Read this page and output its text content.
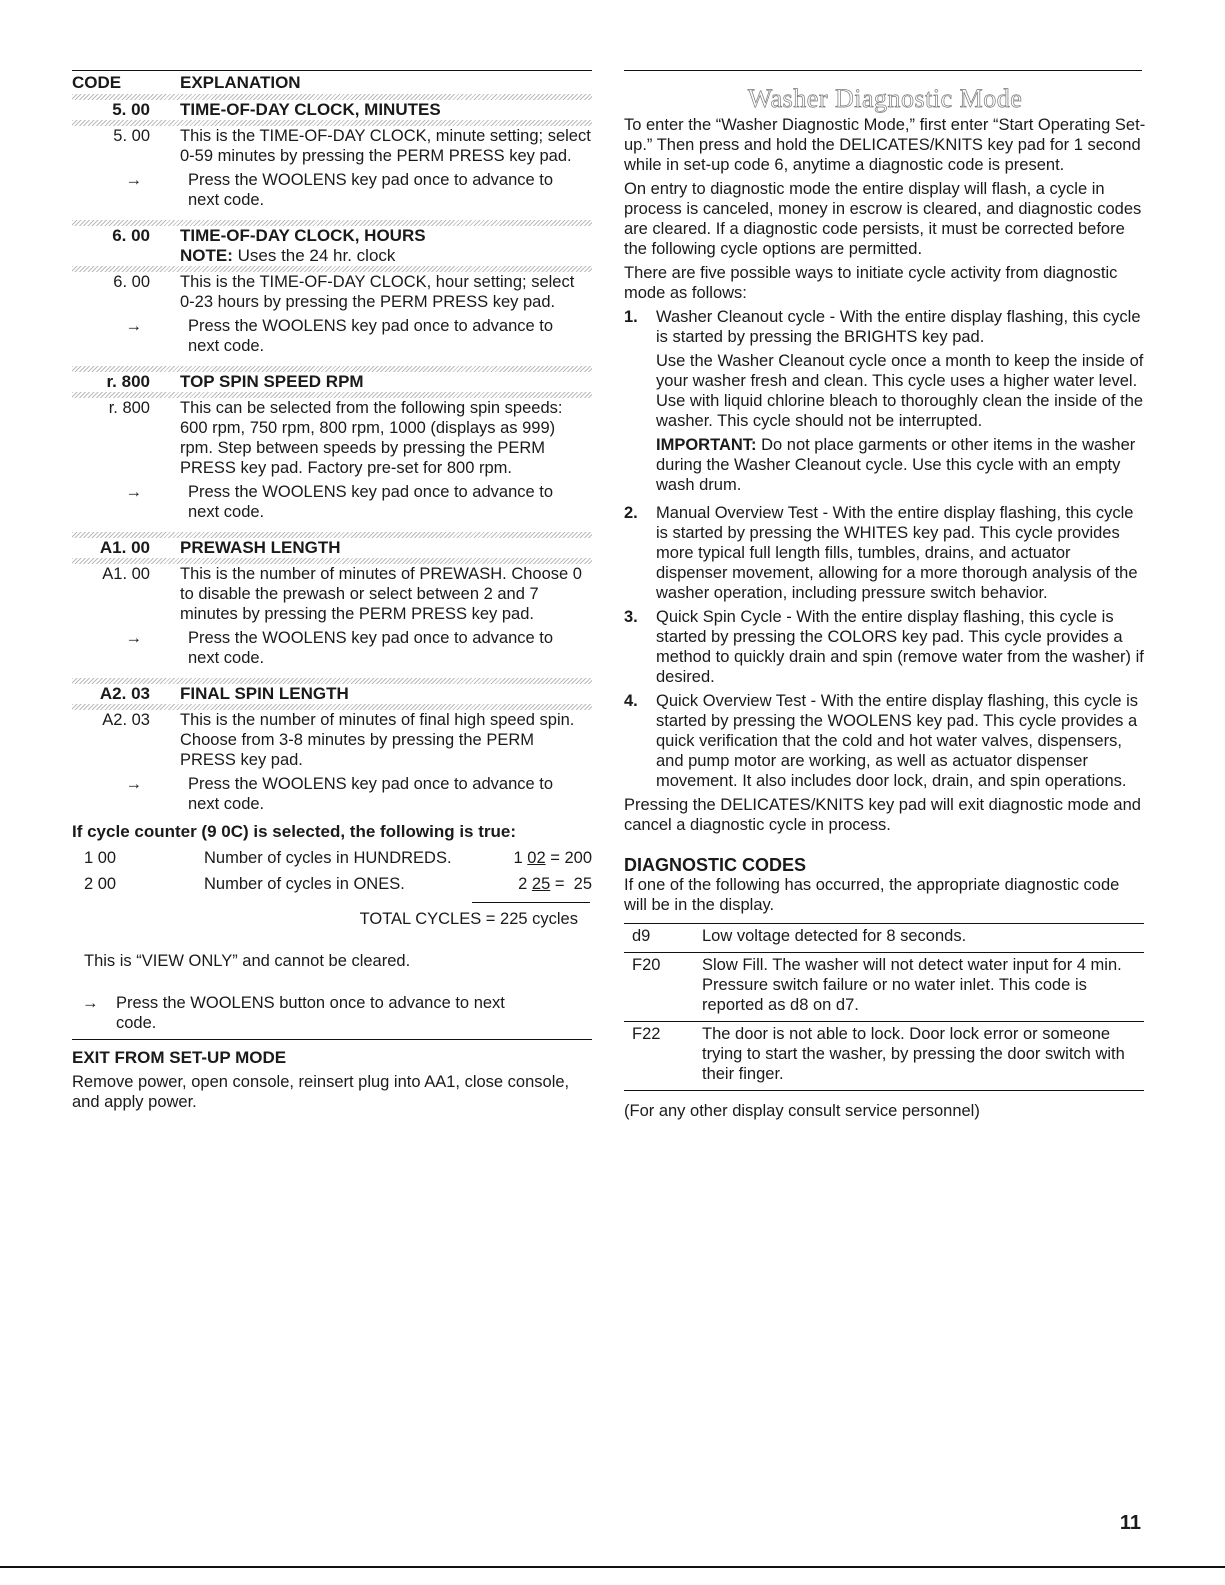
CODE	EXPLANATION
5. 00	TIME-OF-DAY CLOCK, MINUTES
5. 00	This is the TIME-OF-DAY CLOCK, minute setting; select 0-59 minutes by pressing the PERM PRESS key pad.
→	Press the WOOLENS key pad once to advance to next code.
6. 00	TIME-OF-DAY CLOCK, HOURS
NOTE: Uses the 24 hr. clock
6. 00	This is the TIME-OF-DAY CLOCK, hour setting; select 0-23 hours by pressing the PERM PRESS key pad.
→	Press the WOOLENS key pad once to advance to next code.
r. 800	TOP SPIN SPEED RPM
r. 800	This can be selected from the following spin speeds: 600 rpm, 750 rpm, 800 rpm, 1000 (displays as 999) rpm. Step between speeds by pressing the PERM PRESS key pad. Factory pre-set for 800 rpm.
→	Press the WOOLENS key pad once to advance to next code.
A1. 00	PREWASH LENGTH
A1. 00	This is the number of minutes of PREWASH. Choose 0 to disable the prewash or select between 2 and 7 minutes by pressing the PERM PRESS key pad.
→	Press the WOOLENS key pad once to advance to next code.
A2. 03	FINAL SPIN LENGTH
A2. 03	This is the number of minutes of final high speed spin. Choose from 3-8 minutes by pressing the PERM PRESS key pad.
→	Press the WOOLENS key pad once to advance to next code.
If cycle counter (9 0C) is selected, the following is true:
1 00	Number of cycles in HUNDREDS.	1 02 = 200
2 00	Number of cycles in ONES.	2 25 =  25
TOTAL CYCLES = 225 cycles
This is “VIEW ONLY” and cannot be cleared.
→	Press the WOOLENS button once to advance to next code.
EXIT FROM SET-UP MODE
Remove power, open console, reinsert plug into AA1, close console, and apply power.
Washer Diagnostic Mode

To enter the “Washer Diagnostic Mode,” first enter “Start Operating Set-up.” Then press and hold the DELICATES/KNITS key pad for 1 second while in set-up code 6, anytime a diagnostic code is present.

On entry to diagnostic mode the entire display will flash, a cycle in process is canceled, money in escrow is cleared, and diagnostic codes are cleared. If a diagnostic code persists, it must be corrected before the following cycle options are permitted.

There are five possible ways to initiate cycle activity from diagnostic mode as follows:

1.	Washer Cleanout cycle - With the entire display flashing, this cycle is started by pressing the BRIGHTS key pad.

Use the Washer Cleanout cycle once a month to keep the inside of your washer fresh and clean. This cycle uses a higher water level. Use with liquid chlorine bleach to thoroughly clean the inside of the washer. This cycle should not be interrupted.

IMPORTANT: Do not place garments or other items in the washer during the Washer Cleanout cycle. Use this cycle with an empty wash drum.

2.	Manual Overview Test - With the entire display flashing, this cycle is started by pressing the WHITES key pad. This cycle provides more typical full length fills, tumbles, drains, and actuator dispenser movement, allowing for a more thorough analysis of the washer operation, including pressure switch behavior.
3.	Quick Spin Cycle - With the entire display flashing, this cycle is started by pressing the COLORS key pad. This cycle provides a method to quickly drain and spin (remove water from the washer) if desired.
4.	Quick Overview Test - With the entire display flashing, this cycle is started by pressing the WOOLENS key pad. This cycle provides a quick verification that the cold and hot water valves, dispensers, and pump motor are working, as well as actuator dispenser movement. It also includes door lock, drain, and spin operations.

Pressing the DELICATES/KNITS key pad will exit diagnostic mode and cancel a diagnostic cycle in process.

DIAGNOSTIC CODES

If one of the following has occurred, the appropriate diagnostic code will be in the display.

d9	Low voltage detected for 8 seconds.
F20	Slow Fill. The washer will not detect water input for 4 min. Pressure switch failure or no water inlet. This code is reported as d8 on d7.
F22	The door is not able to lock. Door lock error or someone trying to start the washer, by pressing the door switch with their finger.
(For any other display consult service personnel)
11
